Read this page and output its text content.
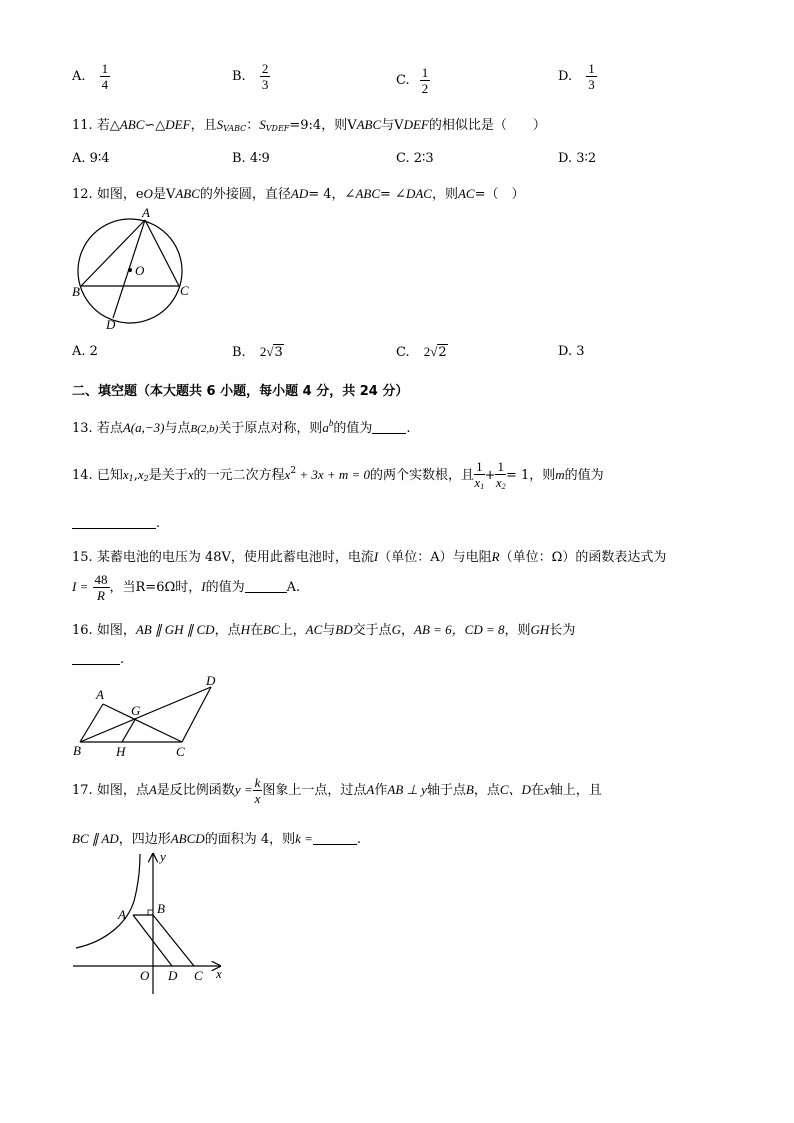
A. $\frac{1}{4}$	B. $\frac{2}{3}$	C. $\frac{1}{2}$	D. $\frac{1}{3}$
11. 若△ABC∽△DEF，且$S_{VABC}$：$S_{VDEF}=9:4$，则VABC与VDEF的相似比是（　　）
A. 9∶4	B. 4∶9	C. 2∶3	D. 3∶2
12. 如图，eO是VABC的外接圆，直径AD= 4，∠ABC= ∠DAC，则AC=（　）
A
O
B	C
D
A. 2	B. 2√3	C. 2√2	D. 3
二、填空题（本大题共 6 小题，每小题 4 分，共 24 分）
13. 若点A(a,−3)与点B(2,b)关于原点对称，则$a^b$的值为	.
14. 已知$x_1,x_2$是关于x的一元二次方程$x^2 + 3x + m = 0$的两个实数根，且 $\frac{1}{x_1} + \frac{1}{x_2} = 1$，则m的值为
.
15. 某蓄电池的电压为 48V，使用此蓄电池时，电流I（单位：A）与电阻R（单位：Ω）的函数表达式为
$I = \frac{48}{R}$ ，当R=6Ω时，I的值为	A.
16. 如图，AB ∥ GH ∥ CD，点H在BC上，AC与BD交于点G，AB = 6，CD = 8，则GH长为
.
A
D
G
B	H	C
17. 如图，点A是反比例函数$y = \frac{k}{x}$ 图象上一点，过点A作AB ⊥ y轴于点B，点C、D在x轴上，且
BC ∥ AD，四边形ABCD的面积为 4，则k =	.
y
A B
O D C x
